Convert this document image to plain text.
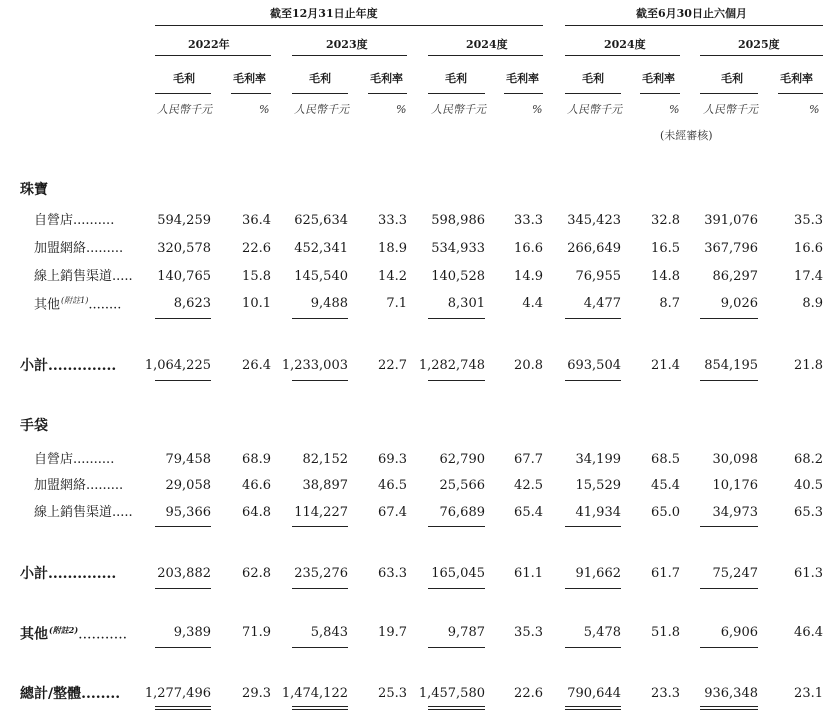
截至12月31日止年度	截至6月30日止六個月
2022年	2023度	2024度	2024度	2025度
毛利	毛利率	毛利	毛利率	毛利	毛利率	毛利	毛利率	毛利	毛利率
人民幣千元	% 人民幣千元	% 人民幣千元	% 人民幣千元	% 人民幣千元	%
(未經審核)
珠寶
自營店..........	594,259 36.4 625,634 33.3 598,986 33.3 345,423 32.8 391,076	35.3
加盟網絡.........	320,578 22.6 452,341 18.9 534,933 16.6 266,649 16.5 367,796	16.6
線上銷售渠道..... 140,765 15.8 145,540 14.2 140,528 14.9	76,955 14.8	86,297	17.4
其他$^{(附註1)}$........	8,623 10.1	9,488	7.1	8,301	4.4	4,477	8.7	9,026	8.9
小計.............. 1,064,225 26.4 1,233,003 22.7 1,282,748 20.8 693,504 21.4 854,195	21.8
手袋
自營店..........	79,458 68.9 82,152 69.3	62,790 67.7	34,199 68.5	30,098	68.2
加盟網絡.........	29,058 46.6 38,897 46.5	25,566 42.5	15,529 45.4	10,176	40.5
線上銷售渠道.....	95,366 64.8 114,227 67.4	76,689 65.4	41,934 65.0	34,973	65.3
小計..............	203,882 62.8 235,276 63.3 165,045 61.1	91,662 61.7	75,247	61.3
其他$^{(附註2)}$...........	9,389 71.9	5,843 19.7	9,787 35.3	5,478 51.8	6,906	46.4
總計/整體........ 1,277,496 29.3 1,474,122 25.3 1,457,580 22.6 790,644 23.3 936,348	23.1
